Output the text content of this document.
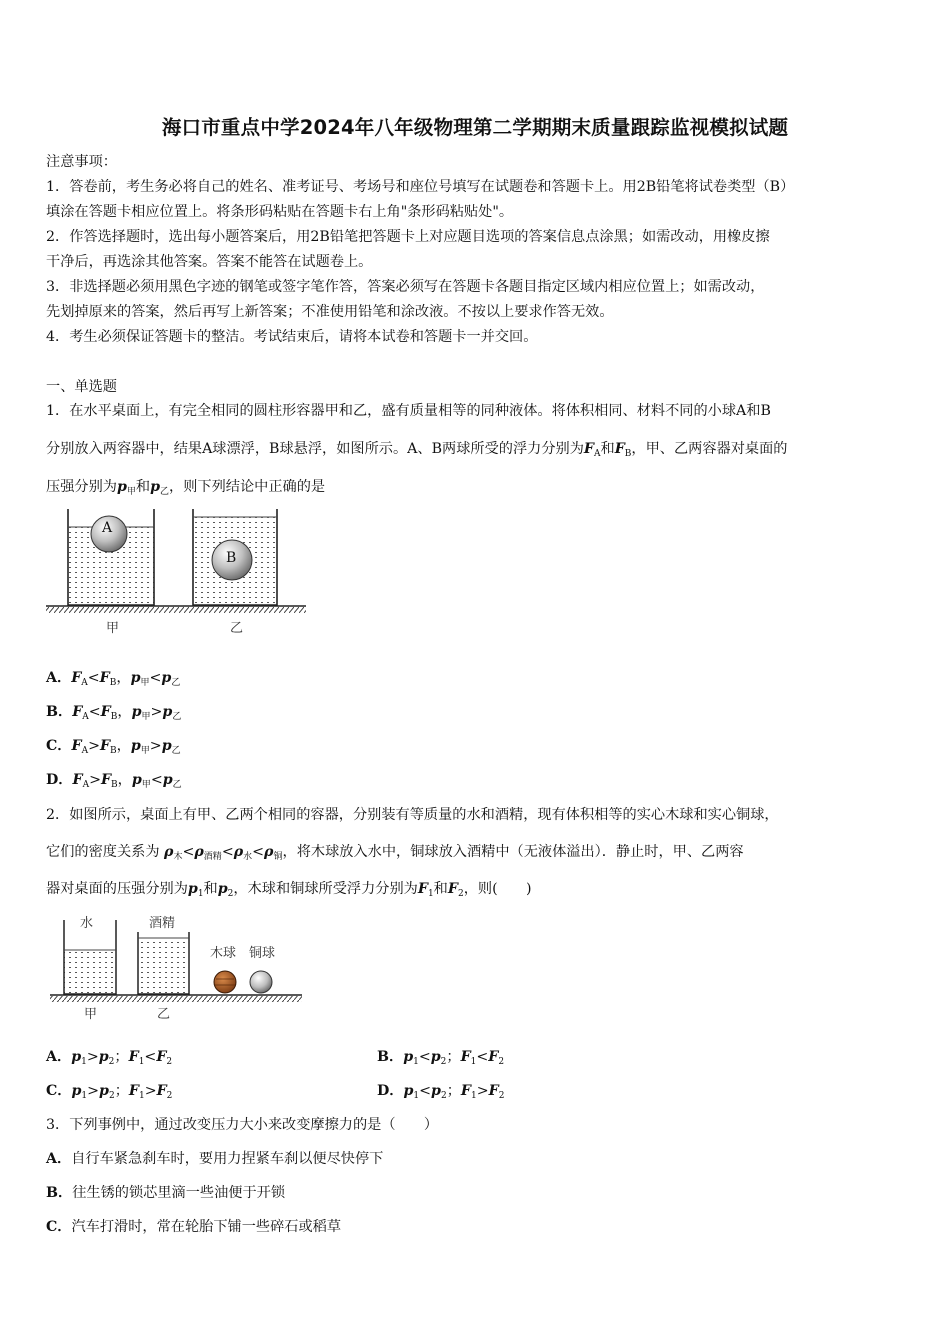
海口市重点中学2024年八年级物理第二学期期末质量跟踪监视模拟试题
注意事项：
1．答卷前，考生务必将自己的姓名、准考证号、考场号和座位号填写在试题卷和答题卡上。用2B铅笔将试卷类型（B）
填涂在答题卡相应位置上。将条形码粘贴在答题卡右上角"条形码粘贴处"。
2．作答选择题时，选出每小题答案后，用2B铅笔把答题卡上对应题目选项的答案信息点涂黑；如需改动，用橡皮擦
干净后，再选涂其他答案。答案不能答在试题卷上。
3．非选择题必须用黑色字迹的钢笔或签字笔作答，答案必须写在答题卡各题目指定区域内相应位置上；如需改动，
先划掉原来的答案，然后再写上新答案；不准使用铅笔和涂改液。不按以上要求作答无效。
4．考生必须保证答题卡的整洁。考试结束后，请将本试卷和答题卡一并交回。
一、单选题
1．在水平桌面上，有完全相同的圆柱形容器甲和乙，盛有质量相等的同种液体。将体积相同、材料不同的小球A和B
分别放入两容器中，结果A球漂浮，B球悬浮，如图所示。A、B两球所受的浮力分别为$F_A$和$F_B$，甲、乙两容器对桌面的
压强分别为$p_甲$和$p_乙$，则下列结论中正确的是
A
B
甲	乙
A．$F_A<F_B$，$p_甲<p_乙$
B．$F_A<F_B$，$p_甲>p_乙$
C．$F_A>F_B$，$p_甲>p_乙$
D．$F_A>F_B$，$p_甲<p_乙$
2．如图所示，桌面上有甲、乙两个相同的容器，分别装有等质量的水和酒精，现有体积相等的实心木球和实心铜球，
它们的密度关系为 $\rho_木<\rho_{酒精}<\rho_水<\rho_铜$，将木球放入水中，铜球放入酒精中（无液体溢出）．静止时，甲、乙两容
器对桌面的压强分别为$p_1$和$p_2$，木球和铜球所受浮力分别为$F_1$和$F_2$，则(　　)
水	酒精
木球 铜球
甲	乙
A．$p_1>p_2$；$F_1<F_2$	B．$p_1<p_2$；$F_1<F_2$
C．$p_1>p_2$；$F_1>F_2$	D．$p_1<p_2$；$F_1>F_2$
3．下列事例中，通过改变压力大小来改变摩擦力的是（　　）
A．自行车紧急刹车时，要用力捏紧车刹以便尽快停下
B．往生锈的锁芯里滴一些油便于开锁
C．汽车打滑时，常在轮胎下铺一些碎石或稻草
